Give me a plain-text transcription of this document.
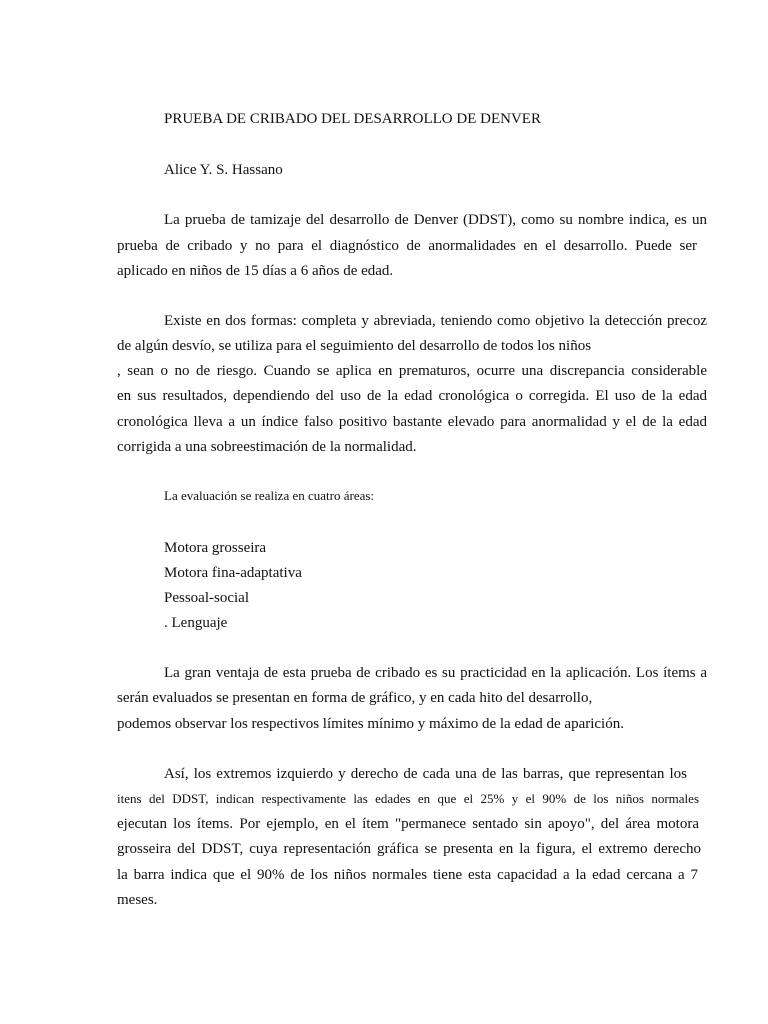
PRUEBA DE CRIBADO DEL DESARROLLO DE DENVER
Alice Y. S. Hassano
La prueba de tamizaje del desarrollo de Denver (DDST), como su nombre indica, es un
prueba de cribado y no para el diagnóstico de anormalidades en el desarrollo. Puede ser
aplicado en niños de 15 días a 6 años de edad.
Existe en dos formas: completa y abreviada, teniendo como objetivo la detección precoz
de algún desvío, se utiliza para el seguimiento del desarrollo de todos los niños
, sean o no de riesgo. Cuando se aplica en prematuros, ocurre una discrepancia considerable
en sus resultados, dependiendo del uso de la edad cronológica o corregida. El uso de la edad
cronológica lleva a un índice falso positivo bastante elevado para anormalidad y el de la edad
corrigida a una sobreestimación de la normalidad.
La evaluación se realiza en cuatro áreas:
Motora grosseira
Motora fina-adaptativa
Pessoal-social
. Lenguaje
La gran ventaja de esta prueba de cribado es su practicidad en la aplicación. Los ítems a
serán evaluados se presentan en forma de gráfico, y en cada hito del desarrollo,
podemos observar los respectivos límites mínimo y máximo de la edad de aparición.
Así, los extremos izquierdo y derecho de cada una de las barras, que representan los
itens del DDST, indican respectivamente las edades en que el 25% y el 90% de los niños normales
ejecutan los ítems. Por ejemplo, en el ítem "permanece sentado sin apoyo", del área motora
grosseira del DDST, cuya representación gráfica se presenta en la figura, el extremo derecho
la barra indica que el 90% de los niños normales tiene esta capacidad a la edad cercana a 7
meses.
